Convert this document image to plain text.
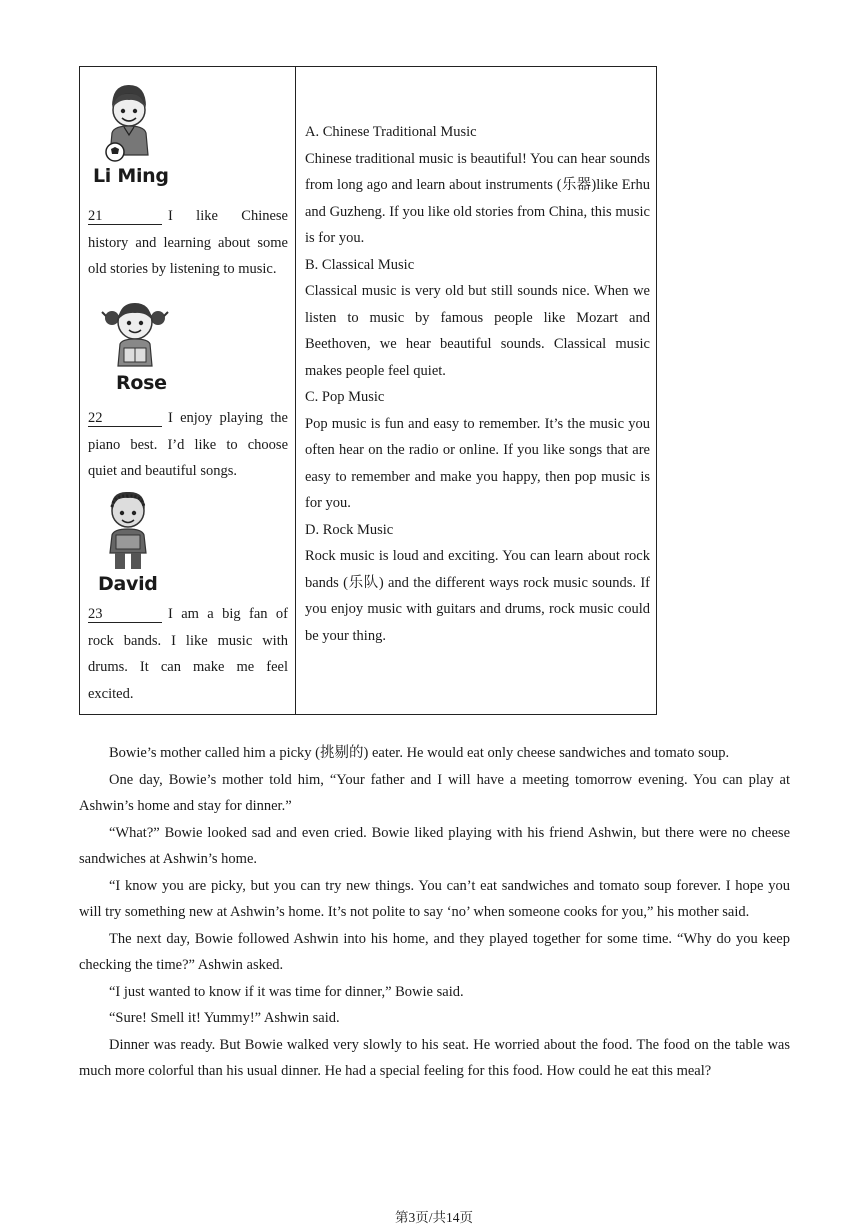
Li Ming
21	I like Chinese history and learning about some old stories by listening to music.
Rose
22	I enjoy playing the piano best. I’d like to choose quiet and beautiful songs.
David
23	I am a big fan of rock bands. I like music with drums. It can make me feel excited.
A. Chinese Traditional Music
Chinese traditional music is beautiful! You can hear sounds from long ago and learn about instruments (乐器)like Erhu and Guzheng. If you like old stories from China, this music is for you.
B. Classical Music
Classical music is very old but still sounds nice. When we listen to music by famous people like Mozart and Beethoven, we hear beautiful sounds. Classical music makes people feel quiet.
C. Pop Music
Pop music is fun and easy to remember. It’s the music you often hear on the radio or online. If you like songs that are easy to remember and make you happy, then pop music is for you.
D. Rock Music
Rock music is loud and exciting. You can learn about rock bands (乐队) and the different ways rock music sounds. If you enjoy music with guitars and drums, rock music could be your thing.

Bowie’s mother called him a picky (挑剔的) eater. He would eat only cheese sandwiches and tomato soup.

One day, Bowie’s mother told him, “Your father and I will have a meeting tomorrow evening. You can play at Ashwin’s home and stay for dinner.”

“What?” Bowie looked sad and even cried. Bowie liked playing with his friend Ashwin, but there were no cheese sandwiches at Ashwin’s home.

“I know you are picky, but you can try new things. You can’t eat sandwiches and tomato soup forever. I hope you will try something new at Ashwin’s home. It’s not polite to say ‘no’ when someone cooks for you,” his mother said.

The next day, Bowie followed Ashwin into his home, and they played together for some time. “Why do you keep checking the time?” Ashwin asked.

“I just wanted to know if it was time for dinner,” Bowie said.

“Sure! Smell it! Yummy!” Ashwin said.

Dinner was ready. But Bowie walked very slowly to his seat. He worried about the food. The food on the table was much more colorful than his usual dinner. He had a special feeling for this food. How could he eat this meal?

第3页/共14页
